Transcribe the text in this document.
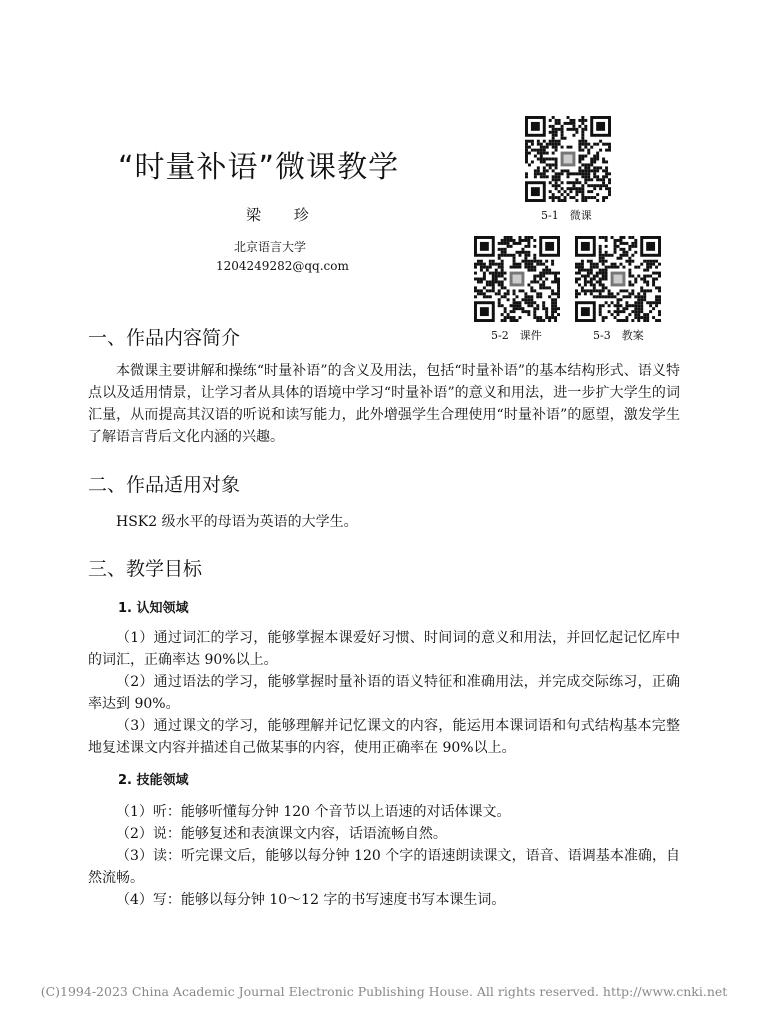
“时量补语”微课教学
梁 珍
北京语言大学
1204249282@qq.com
5-1　微课
5-2　课件	5-3　教案
一、作品内容简介
本微课主要讲解和操练“时量补语”的含义及用法，包括“时量补语”的基本结构形式、语义特点以及适用情景，让学习者从具体的语境中学习“时量补语”的意义和用法，进一步扩大学生的词汇量，从而提高其汉语的听说和读写能力，此外增强学生合理使用“时量补语”的愿望，激发学生了解语言背后文化内涵的兴趣。
二、作品适用对象
HSK2 级水平的母语为英语的大学生。
三、教学目标
1. 认知领域
（1）通过词汇的学习，能够掌握本课爱好习惯、时间词的意义和用法，并回忆起记忆库中的词汇，正确率达 90%以上。
（2）通过语法的学习，能够掌握时量补语的语义特征和准确用法，并完成交际练习，正确率达到 90%。
（3）通过课文的学习，能够理解并记忆课文的内容，能运用本课词语和句式结构基本完整地复述课文内容并描述自己做某事的内容，使用正确率在 90%以上。
2. 技能领域
（1）听：能够听懂每分钟 120 个音节以上语速的对话体课文。
（2）说：能够复述和表演课文内容，话语流畅自然。
（3）读：听完课文后，能够以每分钟 120 个字的语速朗读课文，语音、语调基本准确，自然流畅。
（4）写：能够以每分钟 10～12 字的书写速度书写本课生词。
(C)1994-2023 China Academic Journal Electronic Publishing House. All rights reserved. http://www.cnki.net
